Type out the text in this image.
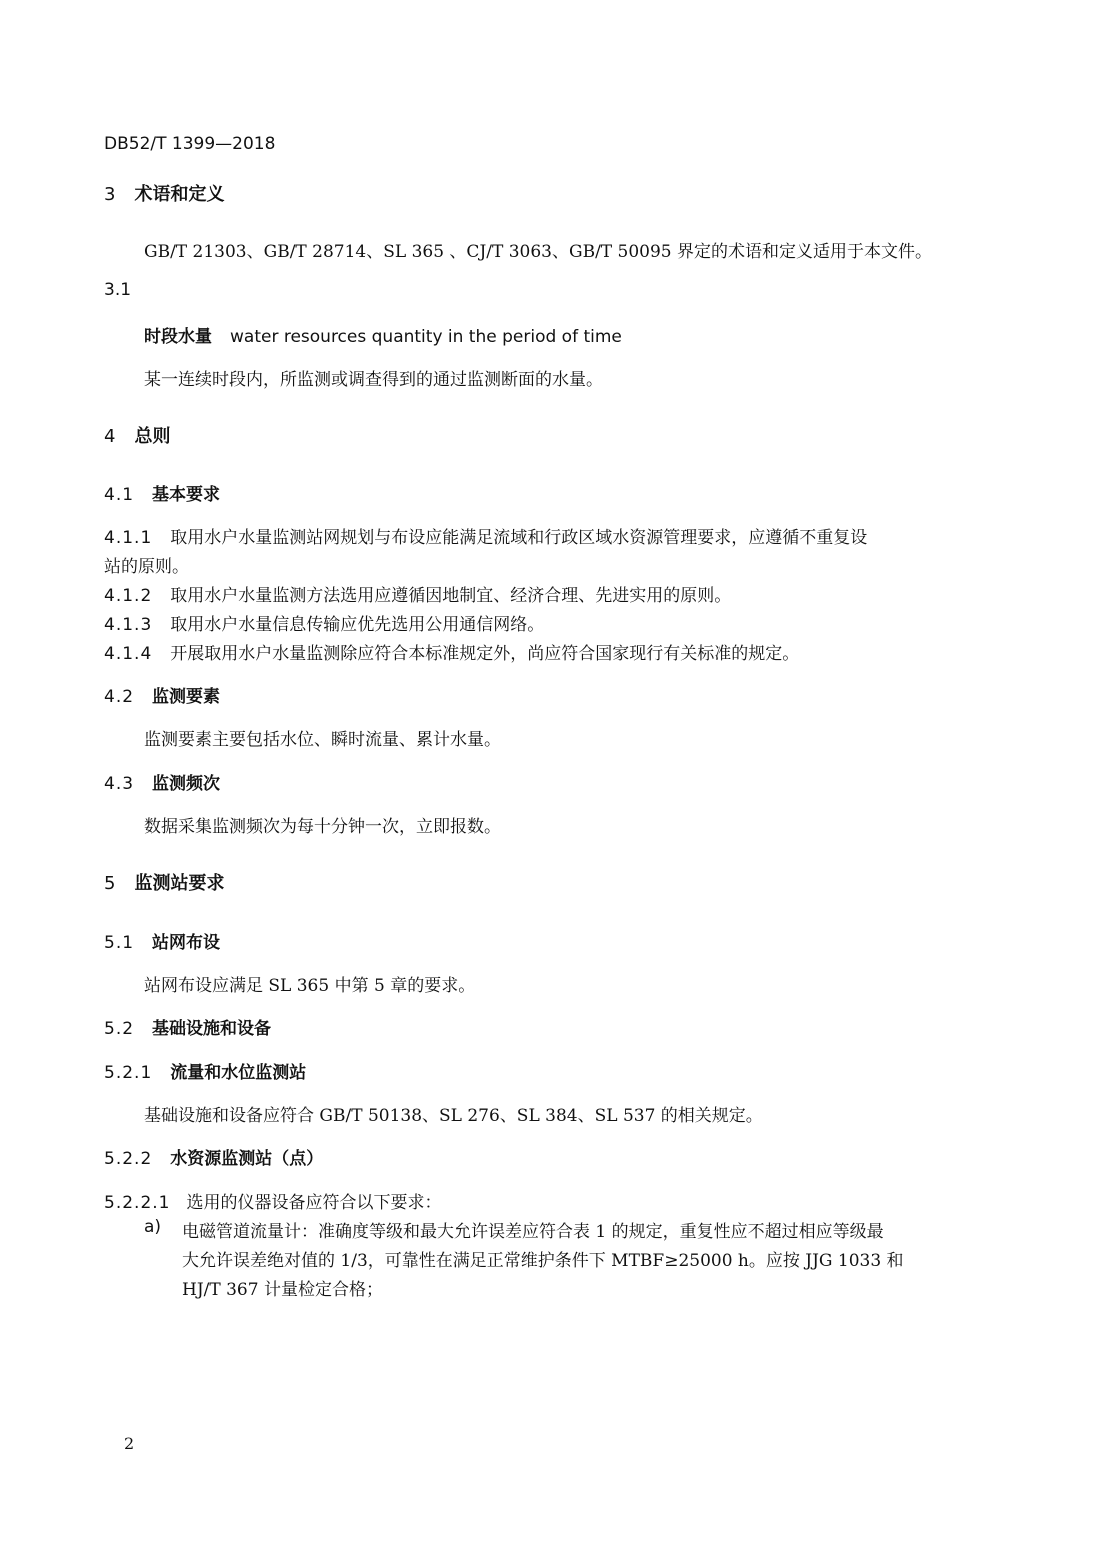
DB52/T 1399—2018
3 术语和定义
GB/T 21303、GB/T 28714、SL 365 、CJ/T 3063、GB/T 50095 界定的术语和定义适用于本文件。
3.1
时段水量 water resources quantity in the period of time
某一连续时段内，所监测或调查得到的通过监测断面的水量。
4 总则
4.1 基本要求
4.1.1 取用水户水量监测站网规划与布设应能满足流域和行政区域水资源管理要求，应遵循不重复设
站的原则。
4.1.2 取用水户水量监测方法选用应遵循因地制宜、经济合理、先进实用的原则。
4.1.3 取用水户水量信息传输应优先选用公用通信网络。
4.1.4 开展取用水户水量监测除应符合本标准规定外，尚应符合国家现行有关标准的规定。
4.2 监测要素
监测要素主要包括水位、瞬时流量、累计水量。
4.3 监测频次
数据采集监测频次为每十分钟一次，立即报数。
5 监测站要求
5.1 站网布设
站网布设应满足 SL 365 中第 5 章的要求。
5.2 基础设施和设备
5.2.1 流量和水位监测站
基础设施和设备应符合 GB/T 50138、SL 276、SL 384、SL 537 的相关规定。
5.2.2 水资源监测站（点）
5.2.2.1 选用的仪器设备应符合以下要求：
a) 电磁管道流量计：准确度等级和最大允许误差应符合表 1 的规定，重复性应不超过相应等级最
大允许误差绝对值的 1/3，可靠性在满足正常维护条件下 MTBF≥25000 h。应按 JJG 1033 和
HJ/T 367 计量检定合格；
2
